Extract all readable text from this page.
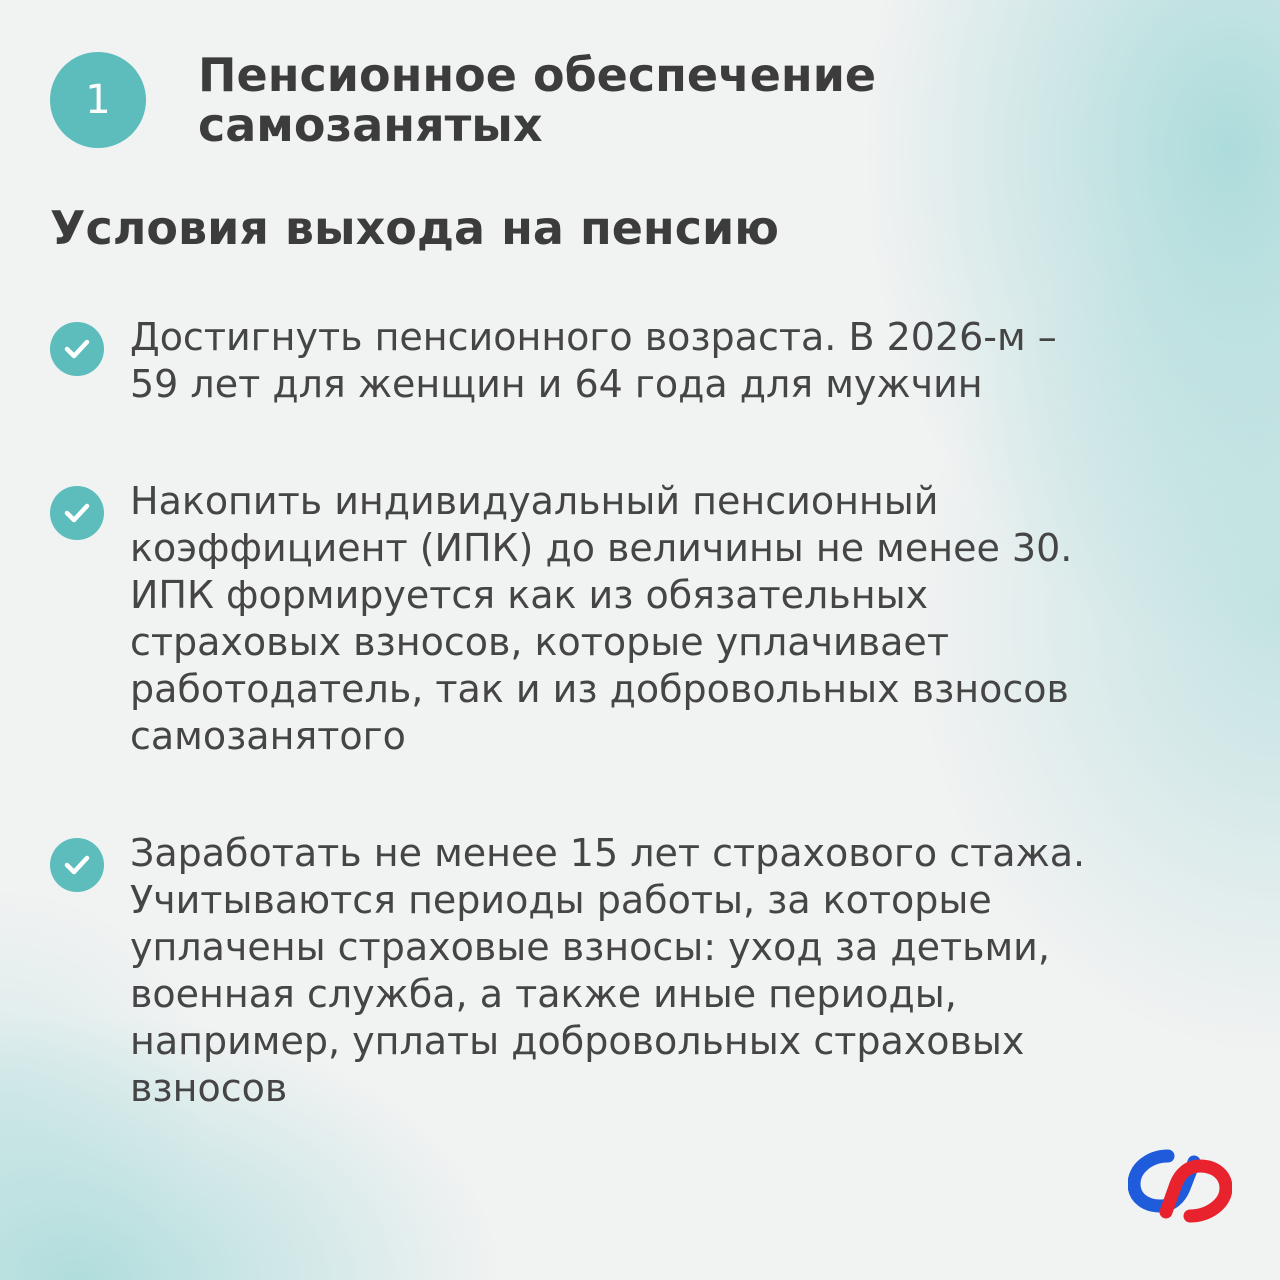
1 Пенсионное обеспечение
самозанятых
Условия выхода на пенсию
Достигнуть пенсионного возраста. В 2026-м –
59 лет для женщин и 64 года для мужчин
Накопить индивидуальный пенсионный
коэффициент (ИПК) до величины не менее 30.
ИПК формируется как из обязательных
страховых взносов, которые уплачивает
работодатель, так и из добровольных взносов
самозанятого
Заработать не менее 15 лет страхового стажа.
Учитываются периоды работы, за которые
уплачены страховые взносы: уход за детьми,
военная служба, а также иные периоды,
например, уплаты добровольных страховых
взносов
